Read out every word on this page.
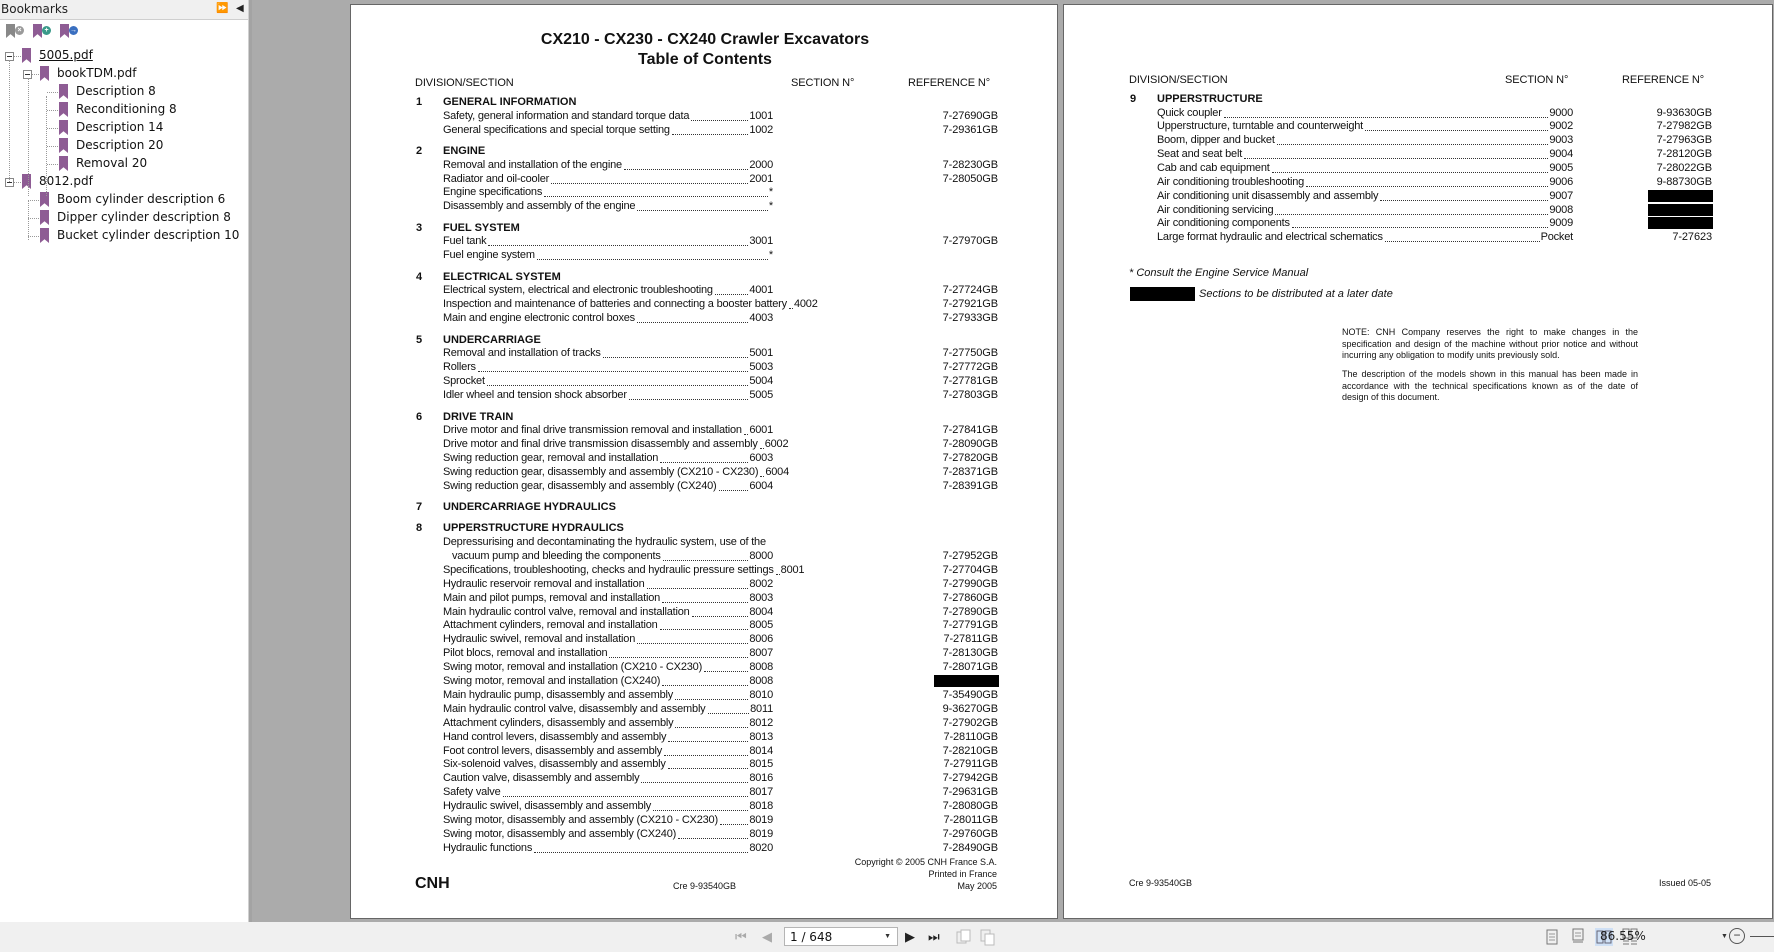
Bookmarks	⏩ ◀
×	+	→
5005.pdf
bookTDM.pdf
Description 8
Reconditioning 8
Description 14
Description 20
Removal 20
8012.pdf
Boom cylinder description 6
Dipper cylinder description 8
Bucket cylinder description 10
CX210 - CX230 - CX240 Crawler Excavators
Table of Contents
DIVISION/SECTION	SECTION N°	REFERENCE N°
1 GENERAL INFORMATION
Safety, general information and standard torque data	1001	7-27690GB
General specifications and special torque setting	1002	7-29361GB
2 ENGINE
Removal and installation of the engine	2000	7-28230GB
Radiator and oil-cooler	2001	7-28050GB
Engine specifications	*
Disassembly and assembly of the engine	*
3 FUEL SYSTEM
Fuel tank	3001	7-27970GB
Fuel engine system	*
4 ELECTRICAL SYSTEM
Electrical system, electrical and electronic troubleshooting	4001	7-27724GB
Inspection and maintenance of batteries and connecting a booster battery 4002	7-27921GB
Main and engine electronic control boxes	4003	7-27933GB
5 UNDERCARRIAGE
Removal and installation of tracks	5001	7-27750GB
Rollers	5003	7-27772GB
Sprocket	5004	7-27781GB
Idler wheel and tension shock absorber	5005	7-27803GB
6 DRIVE TRAIN
Drive motor and final drive transmission removal and installation 6001	7-27841GB
Drive motor and final drive transmission disassembly and assembly 6002	7-28090GB
Swing reduction gear, removal and installation	6003	7-27820GB
Swing reduction gear, disassembly and assembly (CX210 - CX230) 6004	7-28371GB
Swing reduction gear, disassembly and assembly (CX240)	6004	7-28391GB
7 UNDERCARRIAGE HYDRAULICS
8 UPPERSTRUCTURE HYDRAULICS
Depressurising and decontaminating the hydraulic system, use of the
vacuum pump and bleeding the components	8000	7-27952GB
Specifications, troubleshooting, checks and hydraulic pressure settings 8001	7-27704GB
Hydraulic reservoir removal and installation	8002	7-27990GB
Main and pilot pumps, removal and installation	8003	7-27860GB
Main hydraulic control valve, removal and installation	8004	7-27890GB
Attachment cylinders, removal and installation	8005	7-27791GB
Hydraulic swivel, removal and installation	8006	7-27811GB
Pilot blocs, removal and installation	8007	7-28130GB
Swing motor, removal and installation (CX210 - CX230)	8008	7-28071GB
Swing motor, removal and installation (CX240)	8008
Main hydraulic pump, disassembly and assembly	8010	7-35490GB
Main hydraulic control valve, disassembly and assembly	8011	9-36270GB
Attachment cylinders, disassembly and assembly	8012	7-27902GB
Hand control levers, disassembly and assembly	8013	7-28110GB
Foot control levers, disassembly and assembly	8014	7-28210GB
Six-solenoid valves, disassembly and assembly	8015	7-27911GB
Caution valve, disassembly and assembly	8016	7-27942GB
Safety valve	8017	7-29631GB
Hydraulic swivel, disassembly and assembly	8018	7-28080GB
Swing motor, disassembly and assembly (CX210 - CX230)	8019	7-28011GB
Swing motor, disassembly and assembly (CX240)	8019	7-29760GB
Hydraulic functions	8020	7-28490GB
CNH	Cre 9-93540GB
Copyright © 2005 CNH France S.A.
Printed in France
May 2005
DIVISION/SECTION	SECTION N°	REFERENCE N°
9 UPPERSTRUCTURE
Quick coupler	9000	9-93630GB
Upperstructure, turntable and counterweight	9002	7-27982GB
Boom, dipper and bucket	9003	7-27963GB
Seat and seat belt	9004	7-28120GB
Cab and cab equipment	9005	7-28022GB
Air conditioning troubleshooting	9006	9-88730GB
Air conditioning unit disassembly and assembly	9007
Air conditioning servicing	9008
Air conditioning components	9009
Large format hydraulic and electrical schematics	Pocket	7-27623
* Consult the Engine Service Manual
Sections to be distributed at a later date
NOTE: CNH Company reserves the right to make changes in the specification and design of the machine without prior notice and without incurring any obligation to modify units previously sold.
The description of the models shown in this manual has been made in accordance with the technical specifications known as of the date of design of this document.
Cre 9-93540GB	Issued 05-05
⏮ ◀ 1 / 648	▼ ▶ ⏭	86.55%	▼ −
